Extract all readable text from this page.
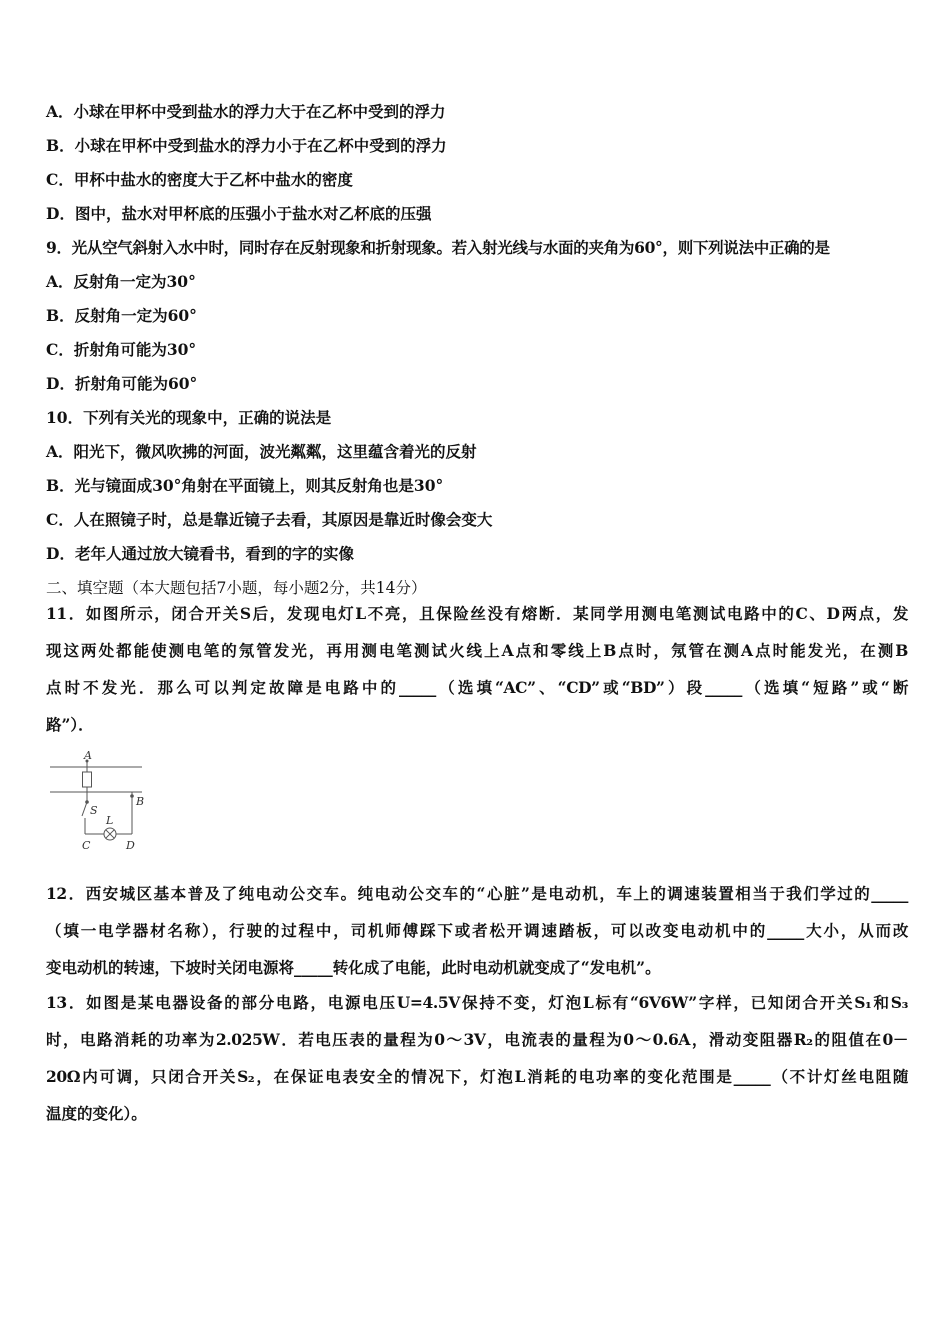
A．小球在甲杯中受到盐水的浮力大于在乙杯中受到的浮力
B．小球在甲杯中受到盐水的浮力小于在乙杯中受到的浮力
C．甲杯中盐水的密度大于乙杯中盐水的密度
D．图中，盐水对甲杯底的压强小于盐水对乙杯底的压强
9．光从空气斜射入水中时，同时存在反射现象和折射现象。若入射光线与水面的夹角为60°，则下列说法中正确的是
A．反射角一定为30°
B．反射角一定为60°
C．折射角可能为30°
D．折射角可能为60°
10．下列有关光的现象中，正确的说法是
A．阳光下，微风吹拂的河面，波光粼粼，这里蕴含着光的反射
B．光与镜面成30°角射在平面镜上，则其反射角也是30°
C．人在照镜子时，总是靠近镜子去看，其原因是靠近时像会变大
D．老年人通过放大镜看书，看到的字的实像
二、填空题（本大题包括7小题，每小题2分，共14分）
11．如图所示，闭合开关S后，发现电灯L不亮，且保险丝没有熔断．某同学用测电笔测试电路中的C、D两点，发
现这两处都能使测电笔的氖管发光，再用测电笔测试火线上A点和零线上B点时，氖管在测A点时能发光，在测B
点时不发光．那么可以判定故障是电路中的_____（选填“AC”、“CD”或“BD”）段_____（选填“短路”或“断
路”）．
A
S
L
B
C	D
12．西安城区基本普及了纯电动公交车。纯电动公交车的“心脏”是电动机，车上的调速装置相当于我们学过的_____
（填一电学器材名称），行驶的过程中，司机师傅踩下或者松开调速踏板，可以改变电动机中的_____大小，从而改
变电动机的转速，下坡时关闭电源将_____转化成了电能，此时电动机就变成了“发电机”。
13．如图是某电器设备的部分电路，电源电压U=4.5V保持不变，灯泡L标有“6V6W”字样，已知闭合开关S₁和S₃
时，电路消耗的功率为2.025W．若电压表的量程为0～3V，电流表的量程为0～0.6A，滑动变阻器R₂的阻值在0－
20Ω内可调，只闭合开关S₂，在保证电表安全的情况下，灯泡L消耗的电功率的变化范围是_____（不计灯丝电阻随
温度的变化）。
